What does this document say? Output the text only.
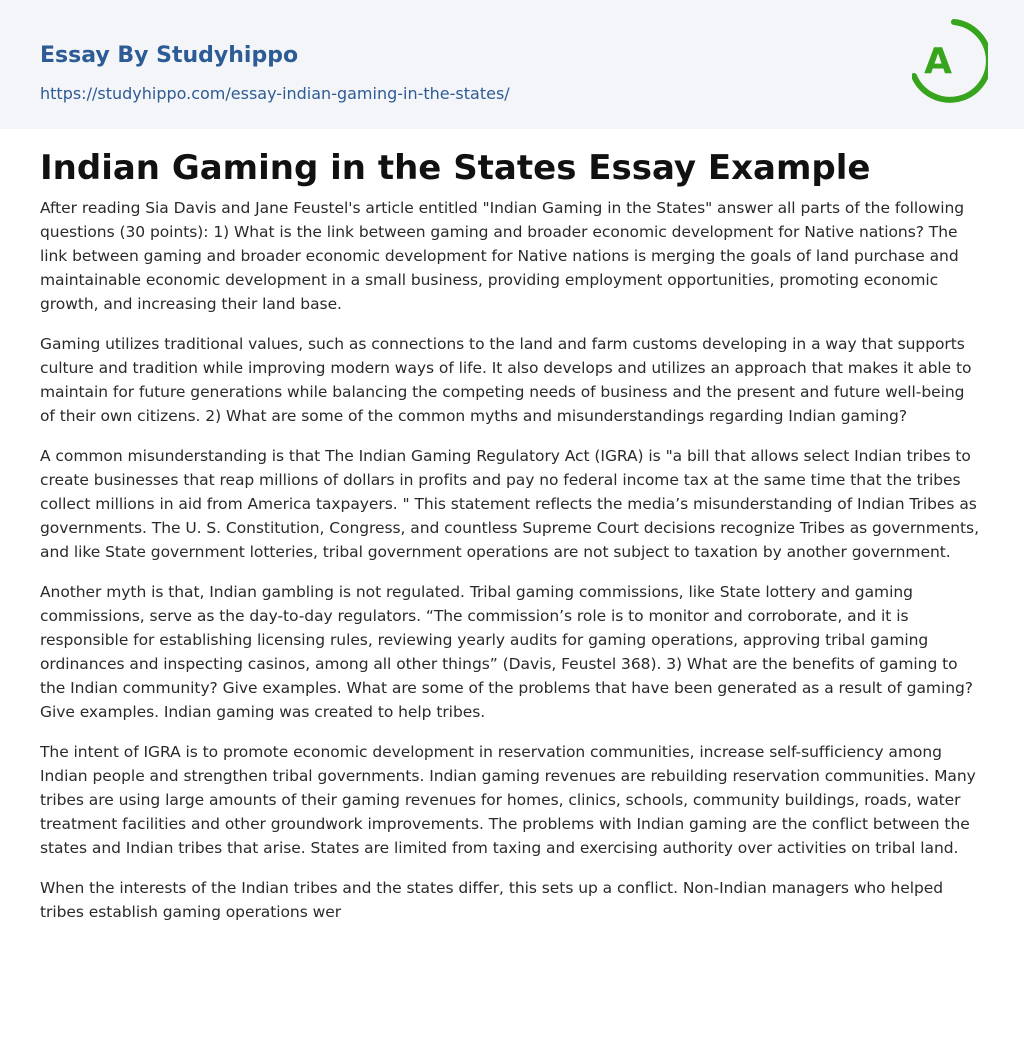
Essay By Studyhippo
https://studyhippo.com/essay-indian-gaming-in-the-states/
A
Indian Gaming in the States Essay Example

After reading Sia Davis and Jane Feustel's article entitled "Indian Gaming in the States" answer all parts of the following questions (30 points): 1) What is the link between gaming and broader economic development for Native nations? The link between gaming and broader economic development for Native nations is merging the goals of land purchase and maintainable economic development in a small business, providing employment opportunities, promoting economic growth, and increasing their land base.

Gaming utilizes traditional values, such as connections to the land and farm customs developing in a way that supports culture and tradition while improving modern ways of life. It also develops and utilizes an approach that makes it able to maintain for future generations while balancing the competing needs of business and the present and future well-being of their own citizens. 2) What are some of the common myths and misunderstandings regarding Indian gaming?

A common misunderstanding is that The Indian Gaming Regulatory Act (IGRA) is "a bill that allows select Indian tribes to create businesses that reap millions of dollars in profits and pay no federal income tax at the same time that the tribes collect millions in aid from America taxpayers. " This statement reflects the media’s misunderstanding of Indian Tribes as governments. The U. S. Constitution, Congress, and countless Supreme Court decisions recognize Tribes as governments, and like State government lotteries, tribal government operations are not subject to taxation by another government.

Another myth is that, Indian gambling is not regulated. Tribal gaming commissions, like State lottery and gaming commissions, serve as the day-to-day regulators. “The commission’s role is to monitor and corroborate, and it is responsible for establishing licensing rules, reviewing yearly audits for gaming operations, approving tribal gaming ordinances and inspecting casinos, among all other things” (Davis, Feustel 368). 3) What are the benefits of gaming to the Indian community? Give examples. What are some of the problems that have been generated as a result of gaming? Give examples. Indian gaming was created to help tribes.

The intent of IGRA is to promote economic development in reservation communities, increase self-sufficiency among Indian people and strengthen tribal governments. Indian gaming revenues are rebuilding reservation communities. Many tribes are using large amounts of their gaming revenues for homes, clinics, schools, community buildings, roads, water treatment facilities and other groundwork improvements. The problems with Indian gaming are the conflict between the states and Indian tribes that arise. States are limited from taxing and exercising authority over activities on tribal land.

When the interests of the Indian tribes and the states differ, this sets up a conflict. Non-Indian managers who helped tribes establish gaming operations wer
